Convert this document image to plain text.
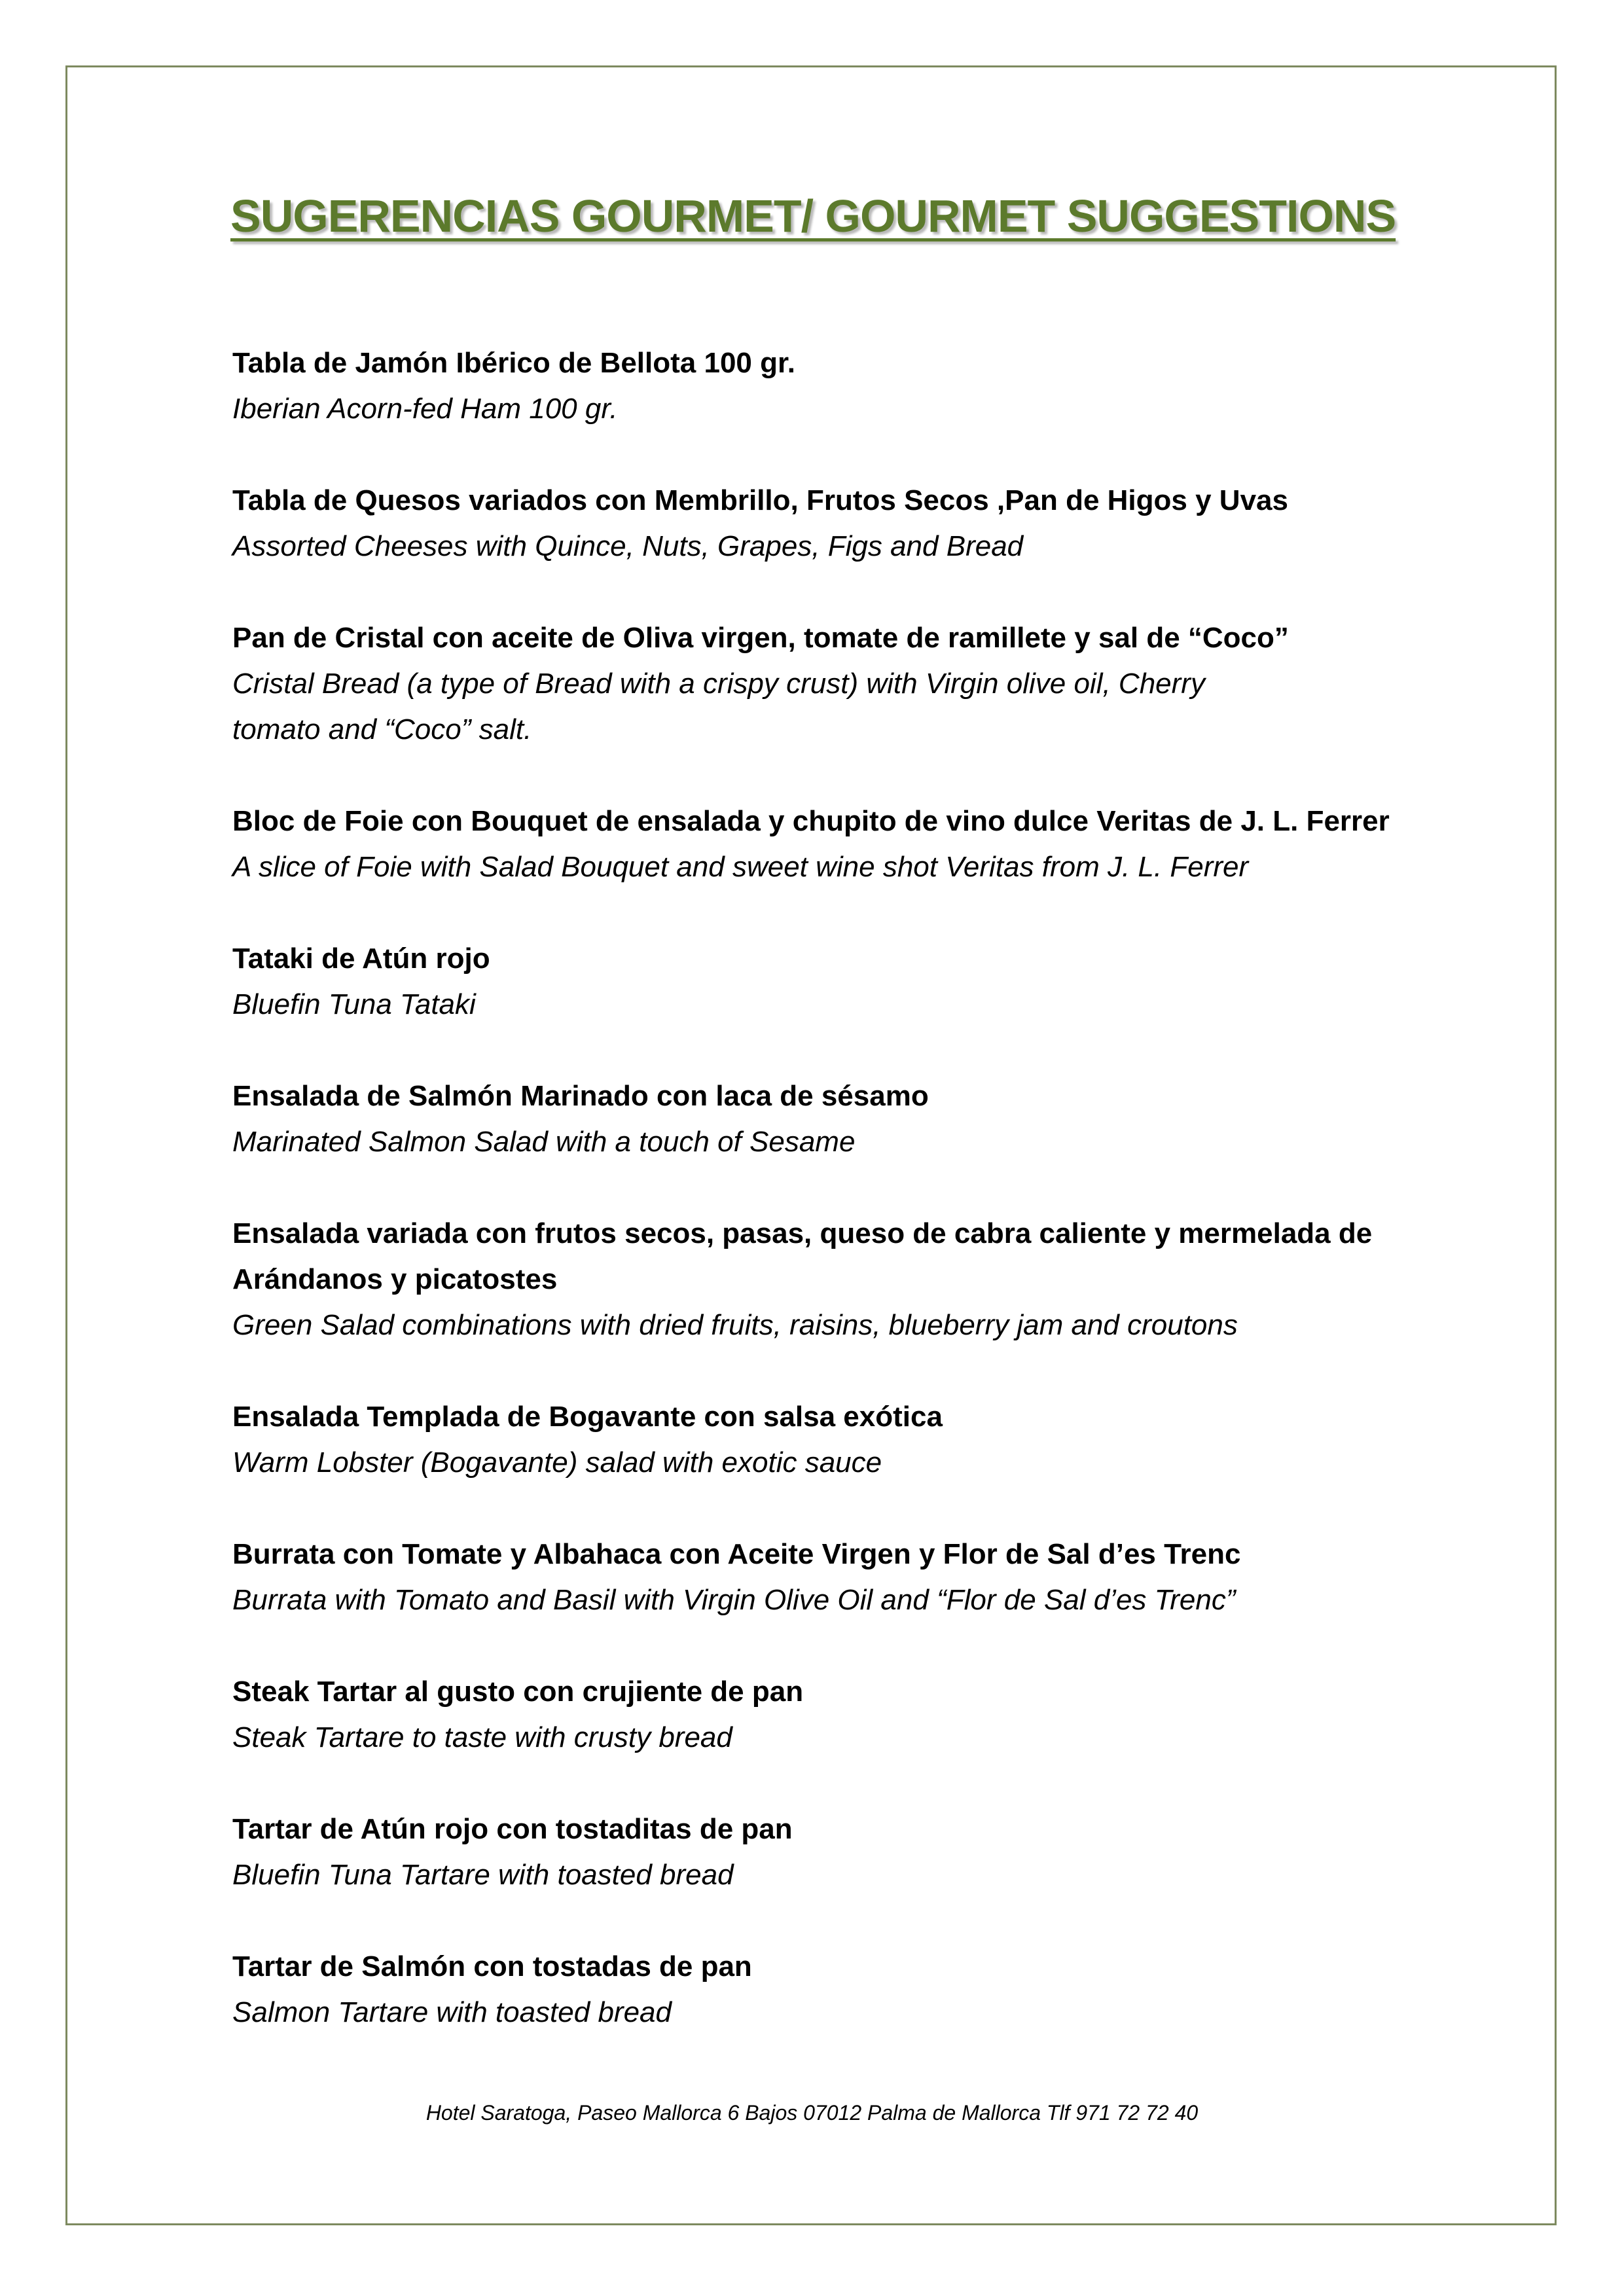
SUGERENCIAS GOURMET/ GOURMET SUGGESTIONS

Tabla de Jamón Ibérico de Bellota 100 gr.

Iberian Acorn-fed Ham 100 gr.

Tabla de Quesos variados con Membrillo, Frutos Secos ,Pan de Higos y Uvas

Assorted Cheeses with Quince, Nuts, Grapes, Figs and Bread

Pan de Cristal con aceite de Oliva virgen, tomate de ramillete y sal de “Coco”

Cristal Bread (a type of Bread with a crispy crust) with Virgin olive oil, Cherry tomato and “Coco” salt.

Bloc de Foie con Bouquet de ensalada y chupito de vino dulce Veritas de J. L. Ferrer

A slice of Foie with Salad Bouquet and sweet wine shot Veritas from J. L. Ferrer

Tataki de Atún rojo

Bluefin Tuna Tataki

Ensalada de Salmón Marinado con laca de sésamo

Marinated Salmon Salad with a touch of Sesame

Ensalada variada con frutos secos, pasas, queso de cabra caliente y mermelada de Arándanos y picatostes

Green Salad combinations with dried fruits, raisins, blueberry jam and croutons

Ensalada Templada de Bogavante con salsa exótica

Warm Lobster (Bogavante) salad with exotic sauce

Burrata con Tomate y Albahaca con Aceite Virgen y Flor de Sal d’es Trenc

Burrata with Tomato and Basil with Virgin Olive Oil and “Flor de Sal d’es Trenc”

Steak Tartar al gusto con crujiente de pan

Steak Tartare to taste with crusty bread

Tartar de Atún rojo con tostaditas de pan

Bluefin Tuna Tartare with toasted bread

Tartar de Salmón con tostadas de pan

Salmon Tartare with toasted bread

Hotel Saratoga, Paseo Mallorca 6 Bajos 07012 Palma de Mallorca Tlf 971 72 72 40
